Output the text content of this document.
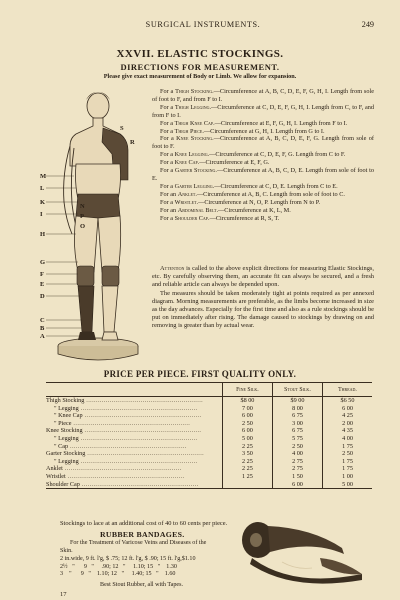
SURGICAL INSTRUMENTS.	249
XXVII. ELASTIC STOCKINGS.
DIRECTIONS FOR MEASUREMENT.
Please give exact measurement of Body or Limb. We allow for expansion.
S
R
M
L
K
I
H
G
F
E
D
C
B
A
N
P
O

For a Thigh Stocking.—Circumference at A, B, C, D, E, F, G, H, I. Length from sole of foot to F, and from F to I.

For a Thigh Legging.—Circumference at C, D, E, F, G, H, I. Length from C, to F, and from F to I.

For a Thigh Knee Cap.—Circumference at E, F, G, H, I. Length from F to I.

For a Thigh Piece.—Circumference at G, H, I. Length from G to I.

For a Knee Stocking.—Circumference at A, B, C, D, E, F, G. Length from sole of foot to F.

For a Knee Legging.—Circumference at C, D, E, F, G. Length from C to F.

For a Knee Cap.—Circumference at E, F, G.

For a Garter Stocking.—Circumference at A, B, C, D, E. Length from sole of foot to E.

For a Garter Legging.—Circumference at C, D, E. Length from C to E.

For an Anklet.—Circumference at A, B, C. Length from sole of foot to C.

For a Wristlet.—Circumference at N, O, P. Length from N to P.

For an Abdominal Belt.—Circumference at K, L, M.

For a Shoulder Cap.—Circumference at R, S, T.

Attention is called to the above explicit directions for measuring Elastic Stockings, etc. By carefully observing them, an accurate fit can always be secured, and a fresh and reliable article can always be depended upon.

The measures should be taken moderately tight at points required as per annexed diagram. Morning measurements are preferable, as the limbs become increased in size as the day advances. Especially for the first time and also as a rule stockings should be put on immediately after rising. The damage caused to stockings by drawing on and removing is greater than by actual wear.

PRICE PER PIECE. FIRST QUALITY ONLY.
	Fine Silk.	Stout Silk.	Thread.
Thigh Stocking ............................................................	$8 00	$9 00	$6 50
" Legging ............................................................	7 00	8 00	6 00
" Knee Cap ............................................................	6 00	6 75	4 25
" Piece ............................................................	2 50	3 00	2 00
Knee Stocking ............................................................	6 00	6 75	4 35
" Legging ............................................................	5 00	5 75	4 00
" Cap ............................................................	2 25	2 50	1 75
Garter Stocking ............................................................	3 50	4 00	2 50
" Legging ............................................................	2 25	2 75	1 75
Anklet ............................................................	2 25	2 75	1 75
Wristlet ............................................................	1 25	1 50	1 00
Shoulder Cap ............................................................		6 00	5 00
Stockings to lace at an additional cost of 40 to 60 cents per piece.
RUBBER BANDAGES.

For the Treatment of Varicose Veins and Diseases of the Skin.

2 in.wide, 9 ft. l'g, $ .75; 12 ft. l'g, $ .90; 15 ft. l'g,$1.10
2½   "      9   "     .90; 12   "     1.10; 15   "    1.30
3    "      9   "    1.10; 12   "     1.40; 15   "    1.60
Best Stout Rubber, all with Tapes.
17
